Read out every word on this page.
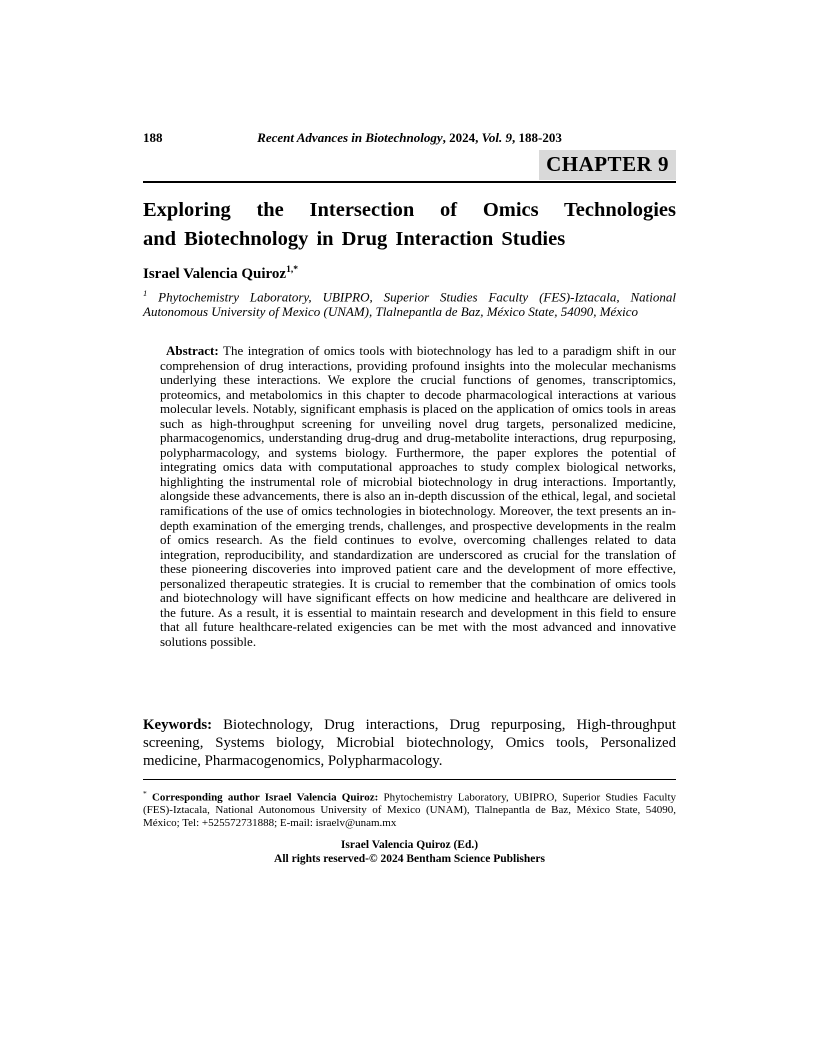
188	Recent Advances in Biotechnology, 2024, Vol. 9, 188-203
CHAPTER 9
Exploring the Intersection of Omics Technologies
and Biotechnology in Drug Interaction Studies
Israel Valencia Quiroz$^{1,*}$
$^1$ Phytochemistry Laboratory, UBIPRO, Superior Studies Faculty (FES)-Iztacala, National
Autonomous University of Mexico (UNAM), Tlalnepantla de Baz, México State, 54090, México

Abstract: The integration of omics tools with biotechnology has led to a paradigm shift in our comprehension of drug interactions, providing profound insights into the molecular mechanisms underlying these interactions. We explore the crucial functions of genomes, transcriptomics, proteomics, and metabolomics in this chapter to decode pharmacological interactions at various molecular levels. Notably, significant emphasis is placed on the application of omics tools in areas such as high-throughput screening for unveiling novel drug targets, personalized medicine, pharmacogenomics, understanding drug-drug and drug-metabolite interactions, drug repurposing, polypharmacology, and systems biology. Furthermore, the paper explores the potential of integrating omics data with computational approaches to study complex biological networks, highlighting the instrumental role of microbial biotechnology in drug interactions. Importantly, alongside these advancements, there is also an in-depth discussion of the ethical, legal, and societal ramifications of the use of omics technologies in biotechnology. Moreover, the text presents an in-depth examination of the emerging trends, challenges, and prospective developments in the realm of omics research. As the field continues to evolve, overcoming challenges related to data integration, reproducibility, and standardization are underscored as crucial for the translation of these pioneering discoveries into improved patient care and the development of more effective, personalized therapeutic strategies. It is crucial to remember that the combination of omics tools and biotechnology will have significant effects on how medicine and healthcare are delivered in the future. As a result, it is essential to maintain research and development in this field to ensure that all future healthcare-related exigencies can be met with the most advanced and innovative solutions possible.

Keywords: Biotechnology, Drug interactions, Drug repurposing, High-throughput screening, Systems biology, Microbial biotechnology, Omics tools, Personalized medicine, Pharmacogenomics, Polypharmacology.

* Corresponding author Israel Valencia Quiroz: Phytochemistry Laboratory, UBIPRO, Superior Studies Faculty (FES)-Iztacala, National Autonomous University of Mexico (UNAM), Tlalnepantla de Baz, México State, 54090, México; Tel: +525572731888; E-mail: israelv@unam.mx

Israel Valencia Quiroz (Ed.)
All rights reserved-© 2024 Bentham Science Publishers
